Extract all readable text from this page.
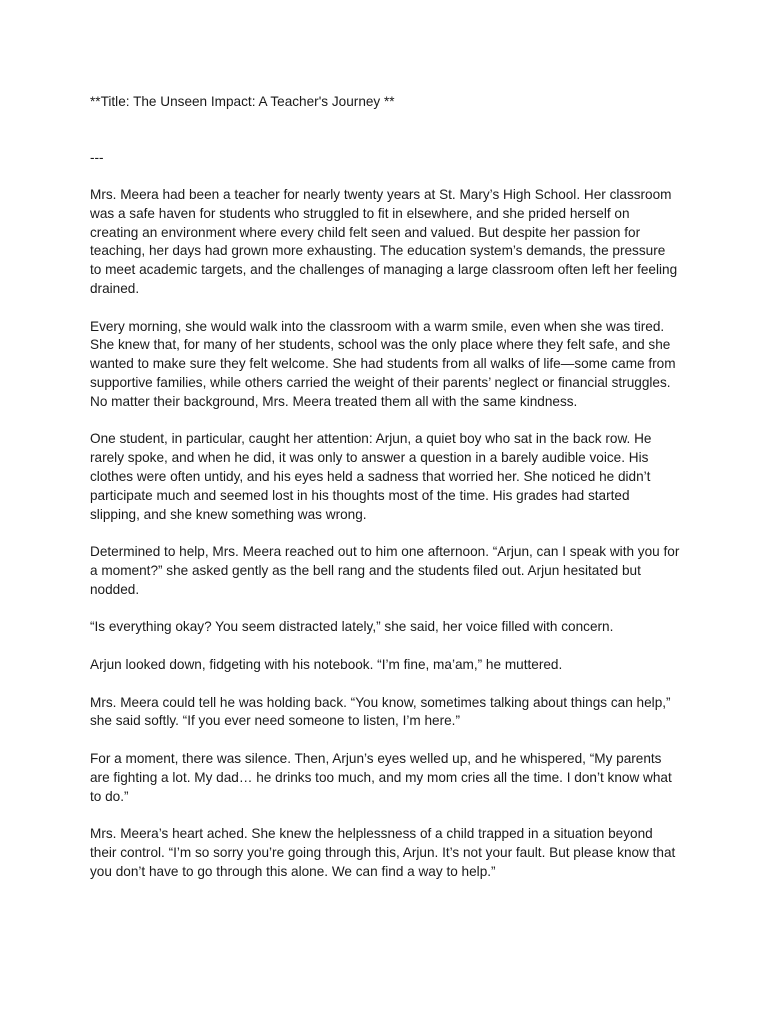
**Title: The Unseen Impact: A Teacher's Journey **
---

Mrs. Meera had been a teacher for nearly twenty years at St. Mary’s High School. Her classroom was a safe haven for students who struggled to fit in elsewhere, and she prided herself on creating an environment where every child felt seen and valued. But despite her passion for teaching, her days had grown more exhausting. The education system’s demands, the pressure to meet academic targets, and the challenges of managing a large classroom often left her feeling drained.

Every morning, she would walk into the classroom with a warm smile, even when she was tired. She knew that, for many of her students, school was the only place where they felt safe, and she wanted to make sure they felt welcome. She had students from all walks of life—some came from supportive families, while others carried the weight of their parents’ neglect or financial struggles. No matter their background, Mrs. Meera treated them all with the same kindness.

One student, in particular, caught her attention: Arjun, a quiet boy who sat in the back row. He rarely spoke, and when he did, it was only to answer a question in a barely audible voice. His clothes were often untidy, and his eyes held a sadness that worried her. She noticed he didn’t participate much and seemed lost in his thoughts most of the time. His grades had started slipping, and she knew something was wrong.

Determined to help, Mrs. Meera reached out to him one afternoon. “Arjun, can I speak with you for a moment?” she asked gently as the bell rang and the students filed out. Arjun hesitated but nodded.

“Is everything okay? You seem distracted lately,” she said, her voice filled with concern.

Arjun looked down, fidgeting with his notebook. “I’m fine, ma’am,” he muttered.

Mrs. Meera could tell he was holding back. “You know, sometimes talking about things can help,” she said softly. “If you ever need someone to listen, I’m here.”

For a moment, there was silence. Then, Arjun’s eyes welled up, and he whispered, “My parents are fighting a lot. My dad… he drinks too much, and my mom cries all the time. I don’t know what to do.”

Mrs. Meera’s heart ached. She knew the helplessness of a child trapped in a situation beyond their control. “I’m so sorry you’re going through this, Arjun. It’s not your fault. But please know that you don’t have to go through this alone. We can find a way to help.”
